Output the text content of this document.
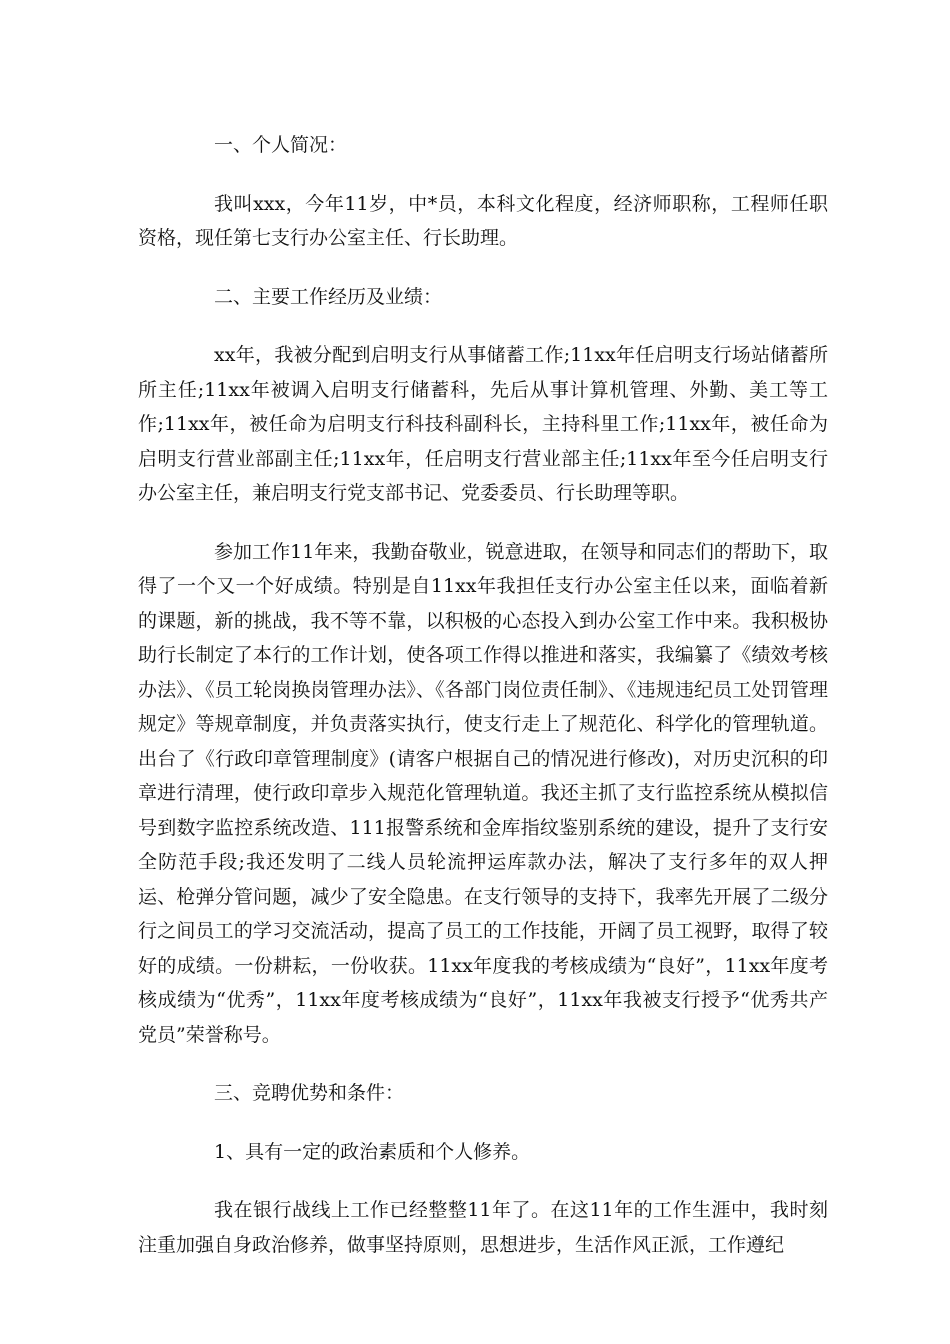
一、个人简况：

我叫xxx，今年11岁，中*员，本科文化程度，经济师职称，工程师任职资格，现任第七支行办公室主任、行长助理。

二、主要工作经历及业绩：

xx年，我被分配到启明支行从事储蓄工作;11xx年任启明支行场站储蓄所所主任;11xx年被调入启明支行储蓄科，先后从事计算机管理、外勤、美工等工作;11xx年，被任命为启明支行科技科副科长，主持科里工作;11xx年，被任命为启明支行营业部副主任;11xx年，任启明支行营业部主任;11xx年至今任启明支行办公室主任，兼启明支行党支部书记、党委委员、行长助理等职。

参加工作11年来，我勤奋敬业，锐意进取，在领导和同志们的帮助下，取得了一个又一个好成绩。特别是自11xx年我担任支行办公室主任以来，面临着新的课题，新的挑战，我不等不靠，以积极的心态投入到办公室工作中来。我积极协助行长制定了本行的工作计划，使各项工作得以推进和落实，我编纂了《绩效考核办法》、《员工轮岗换岗管理办法》、《各部门岗位责任制》、《违规违纪员工处罚管理规定》等规章制度，并负责落实执行，使支行走上了规范化、科学化的管理轨道。出台了《行政印章管理制度》(请客户根据自己的情况进行修改)，对历史沉积的印章进行清理，使行政印章步入规范化管理轨道。我还主抓了支行监控系统从模拟信号到数字监控系统改造、111报警系统和金库指纹鉴别系统的建设，提升了支行安全防范手段;我还发明了二线人员轮流押运库款办法，解决了支行多年的双人押运、枪弹分管问题，减少了安全隐患。在支行领导的支持下，我率先开展了二级分行之间员工的学习交流活动，提高了员工的工作技能，开阔了员工视野，取得了较好的成绩。一份耕耘，一份收获。11xx年度我的考核成绩为“良好”，11xx年度考核成绩为“优秀”，11xx年度考核成绩为“良好”，11xx年我被支行授予“优秀共产党员”荣誉称号。

三、竞聘优势和条件：

1、具有一定的政治素质和个人修养。

我在银行战线上工作已经整整11年了。在这11年的工作生涯中，我时刻注重加强自身政治修养，做事坚持原则，思想进步，生活作风正派，工作遵纪
